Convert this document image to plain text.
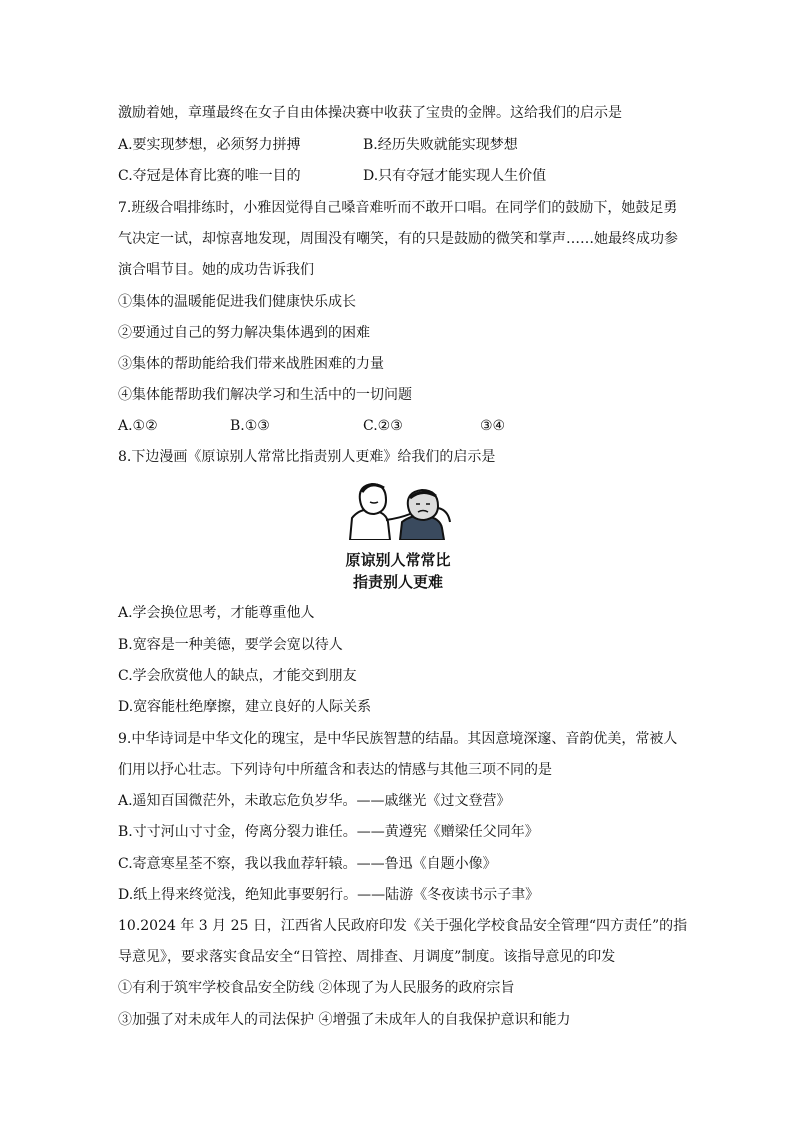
激励着她，章瑾最终在女子自由体操决赛中收获了宝贵的金牌。这给我们的启示是
A.要实现梦想，必须努力拼搏	B.经历失败就能实现梦想
C.夺冠是体育比赛的唯一目的	D.只有夺冠才能实现人生价值
7.班级合唱排练时，小雅因觉得自己嗓音难听而不敢开口唱。在同学们的鼓励下，她鼓足勇
气决定一试，却惊喜地发现，周围没有嘲笑，有的只是鼓励的微笑和掌声……她最终成功参
演合唱节目。她的成功告诉我们
①集体的温暖能促进我们健康快乐成长
②要通过自己的努力解决集体遇到的困难
③集体的帮助能给我们带来战胜困难的力量
④集体能帮助我们解决学习和生活中的一切问题
A.①②	B.①③	C.②③	③④
8.下边漫画《原谅别人常常比指责别人更难》给我们的启示是
原谅别人常常比
指责别人更难
A.学会换位思考，才能尊重他人
B.宽容是一种美德，要学会宽以待人
C.学会欣赏他人的缺点，才能交到朋友
D.宽容能杜绝摩擦，建立良好的人际关系
9.中华诗词是中华文化的瑰宝，是中华民族智慧的结晶。其因意境深邃、音韵优美，常被人
们用以抒心壮志。下列诗句中所蕴含和表达的情感与其他三项不同的是
A.遥知百国微茫外，未敢忘危负岁华。——戚继光《过文登营》
B.寸寸河山寸寸金，侉离分裂力谁任。——黄遵宪《赠梁任父同年》
C.寄意寒星荃不察，我以我血荐轩辕。——鲁迅《自题小像》
D.纸上得来终觉浅，绝知此事要躬行。——陆游《冬夜读书示子聿》
10.2024 年 3 月 25 日，江西省人民政府印发《关于强化学校食品安全管理“四方责任”的指
导意见》，要求落实食品安全“日管控、周排查、月调度”制度。该指导意见的印发
①有利于筑牢学校食品安全防线 ②体现了为人民服务的政府宗旨
③加强了对未成年人的司法保护 ④增强了未成年人的自我保护意识和能力
